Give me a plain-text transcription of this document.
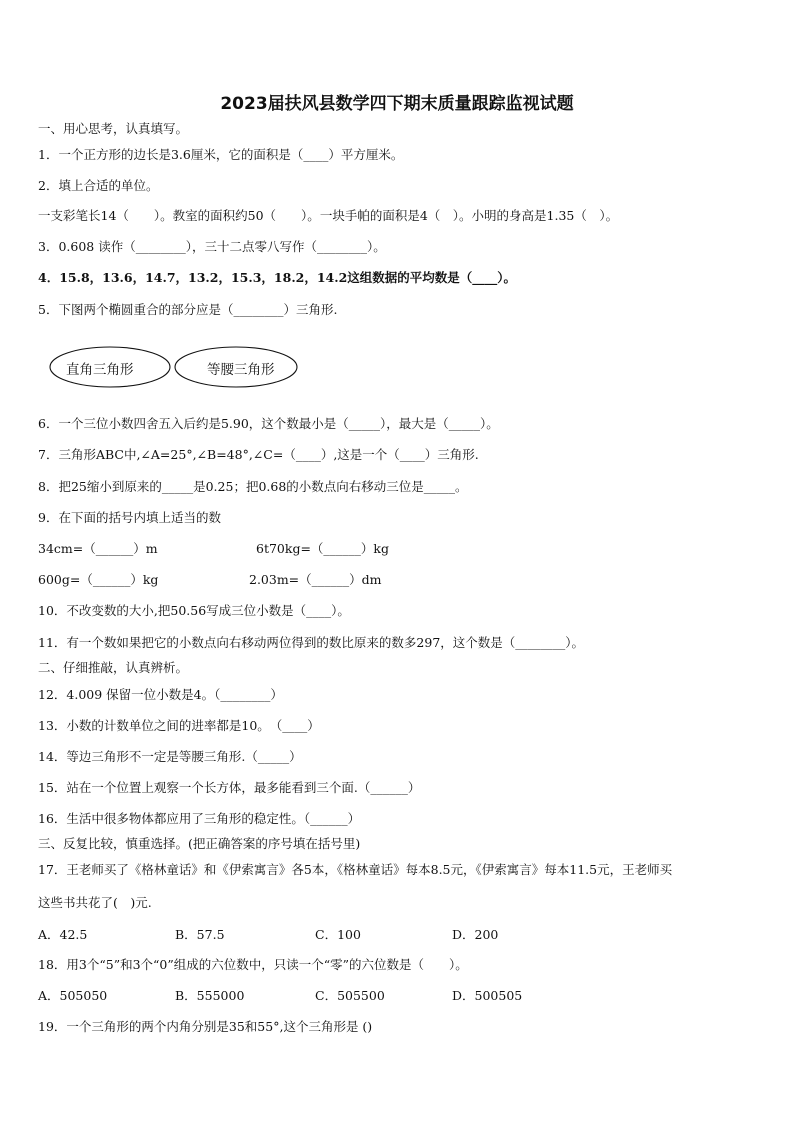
2023届扶风县数学四下期末质量跟踪监视试题
一、用心思考，认真填写。
1．一个正方形的边长是3.6厘米，它的面积是（____）平方厘米。
2．填上合适的单位。
一支彩笔长14（　　）。教室的面积约50（　　）。一块手帕的面积是4（　）。小明的身高是1.35（　）。
3．0.608 读作（________），三十二点零八写作（________）。
4．15.8，13.6，14.7，13.2，15.3，18.2，14.2这组数据的平均数是（____）。
5．下图两个椭圆重合的部分应是（________）三角形.
直角三角形	等腰三角形
6．一个三位小数四舍五入后约是5.90，这个数最小是（_____），最大是（_____）。
7．三角形ABC中,∠A=25°,∠B=48°,∠C=（____）,这是一个（____）三角形.
8．把25缩小到原来的_____是0.25；把0.68的小数点向右移动三位是_____。
9．在下面的括号内填上适当的数
34cm=（______）m	6t70kg=（______）kg
600g=（______）kg	2.03m=（______）dm
10．不改变数的大小,把50.56写成三位小数是（____）。
11．有一个数如果把它的小数点向右移动两位得到的数比原来的数多297，这个数是（________）。
二、仔细推敲，认真辨析。
12．4.009 保留一位小数是4。（________）
13．小数的计数单位之间的进率都是10。　（____）
14．等边三角形不一定是等腰三角形.（_____）
15．站在一个位置上观察一个长方体，最多能看到三个面.（______）
16．生活中很多物体都应用了三角形的稳定性。（______）
三、反复比较，慎重选择。(把正确答案的序号填在括号里)
17．王老师买了《格林童话》和《伊索寓言》各5本，《格林童话》每本8.5元，《伊索寓言》每本11.5元，王老师买
这些书共花了(　)元.
A．42.5	B．57.5	C．100	D．200
18．用3个“5”和3个“0”组成的六位数中，只读一个“零”的六位数是（　　）。
A．505050	B．555000	C．505500	D．500505
19．一个三角形的两个内角分别是35和55°,这个三角形是 ()
